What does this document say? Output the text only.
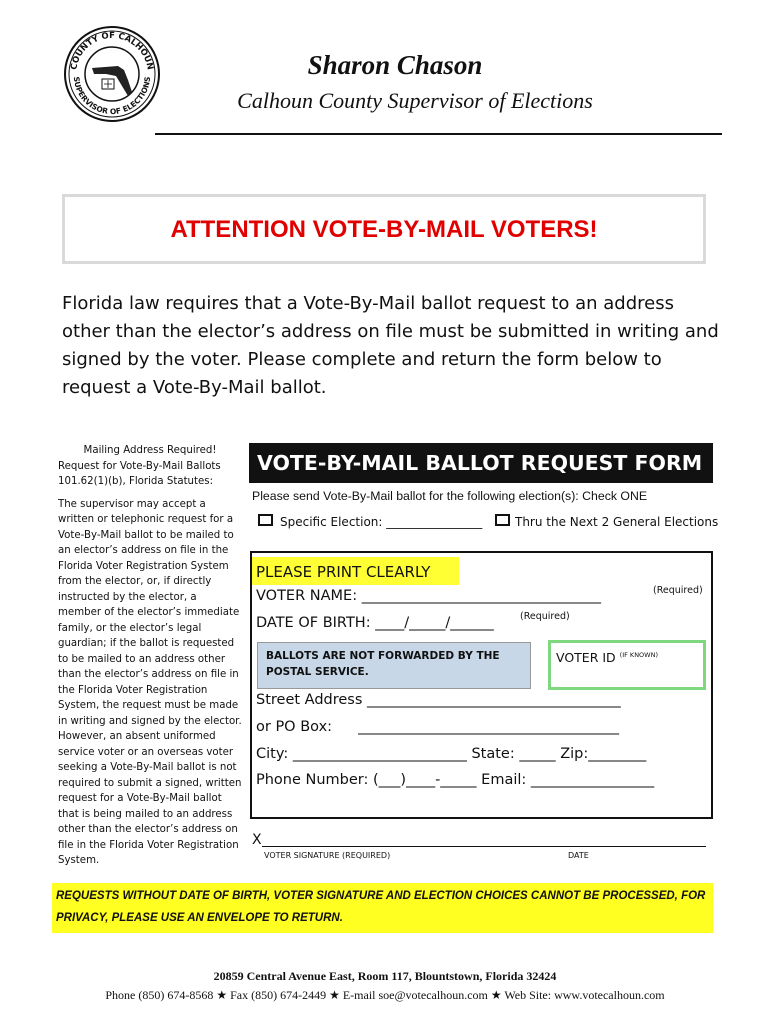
COUNTY OF CALHOUN
SUPERVISOR OF ELECTIONS	Sharon Chason
Calhoun County Supervisor of Elections
ATTENTION VOTE-BY-MAIL VOTERS!
Florida law requires that a Vote-By-Mail ballot request to an address other than the elector’s address on file must be submitted in writing and signed by the voter. Please complete and return the form below to request a Vote-By-Mail ballot.

Mailing Address Required!

Request for Vote-By-Mail Ballots

101.62(1)(b), Florida Statutes:

The supervisor may accept a written or telephonic request for a Vote-By-Mail ballot to be mailed to an elector’s address on file in the Florida Voter Registration System from the elector, or, if directly instructed by the elector, a member of the elector’s immediate family, or the elector’s legal guardian; if the ballot is requested to be mailed to an address other than the elector’s address on file in the Florida Voter Registration System, the request must be made in writing and signed by the elector. However, an absent uniformed service voter or an overseas voter seeking a Vote-By-Mail ballot is not required to submit a signed, written request for a Vote-By-Mail ballot that is being mailed to an address other than the elector’s address on file in the Florida Voter Registration System.

VOTE-BY-MAIL BALLOT REQUEST FORM
Please send Vote-By-Mail ballot for the following election(s): Check ONE
Specific Election: ________________	Thru the Next 2 General Elections
PLEASE PRINT CLEARLY
(Required)
VOTER NAME: _________________________________
(Required)
DATE OF BIRTH: ____/_____/______
BALLOTS ARE NOT FORWARDED BY THE POSTAL SERVICE.
VOTER ID $^{(IF KNOWN)}$
Street Address ___________________________________
or PO Box: ____________________________________
City: ________________________ State: _____ Zip:________
Phone Number: (___)____-_____ Email: _________________
X
VOTER SIGNATURE (REQUIRED)	DATE
REQUESTS WITHOUT DATE OF BIRTH, VOTER SIGNATURE AND ELECTION CHOICES CANNOT BE PROCESSED, FOR PRIVACY, PLEASE USE AN ENVELOPE TO RETURN.
20859 Central Avenue East, Room 117, Blountstown, Florida 32424
Phone (850) 674-8568 ★ Fax (850) 674-2449 ★ E-mail soe@votecalhoun.com ★ Web Site: www.votecalhoun.com
